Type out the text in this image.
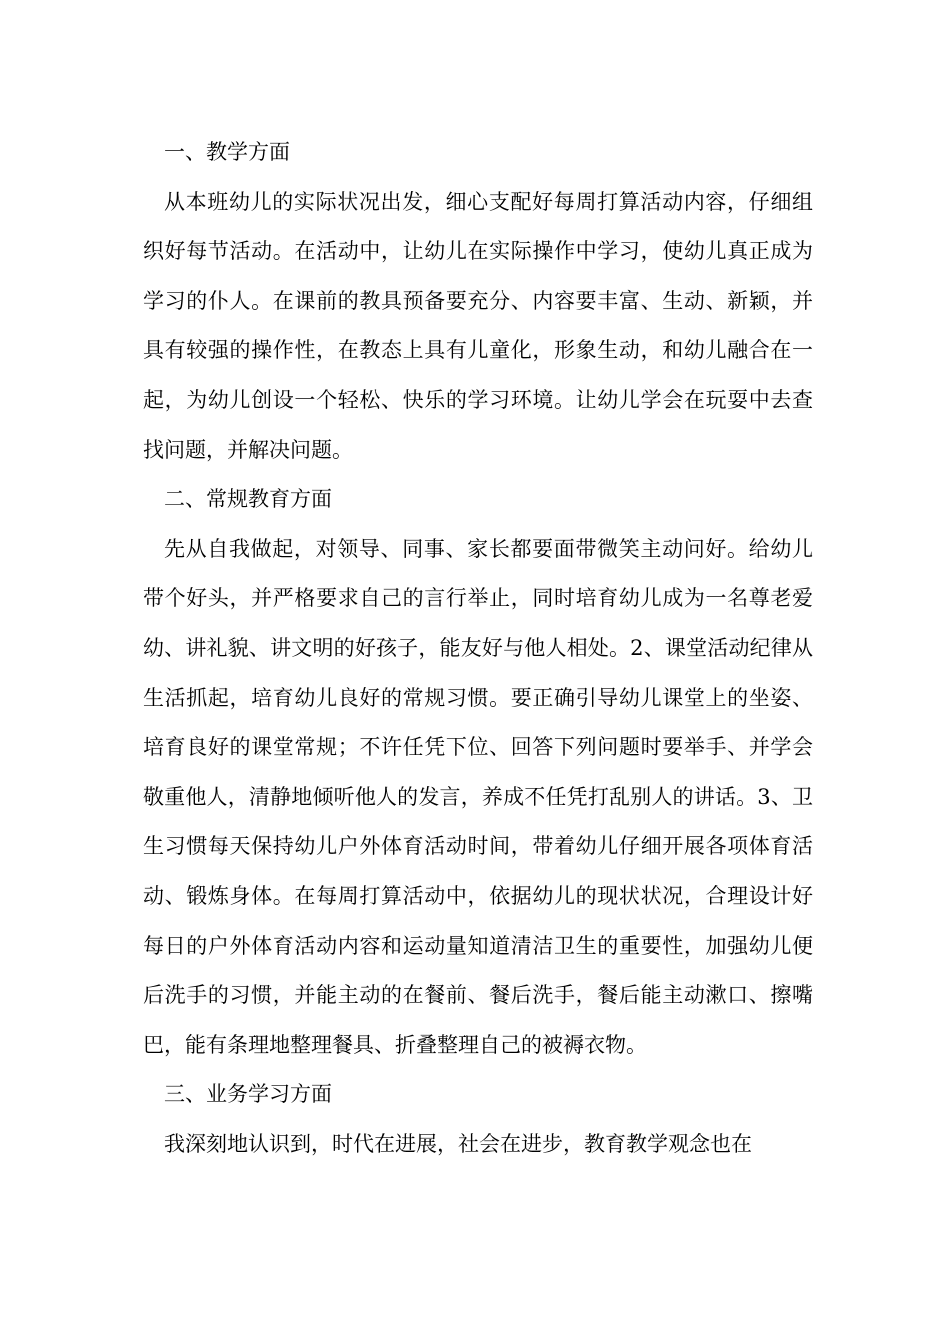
一、教学方面

从本班幼儿的实际状况出发，细心支配好每周打算活动内容，仔细组织好每节活动。在活动中，让幼儿在实际操作中学习，使幼儿真正成为学习的仆人。在课前的教具预备要充分、内容要丰富、生动、新颖，并具有较强的操作性，在教态上具有儿童化，形象生动，和幼儿融合在一起，为幼儿创设一个轻松、快乐的学习环境。让幼儿学会在玩耍中去查找问题，并解决问题。

二、常规教育方面

先从自我做起，对领导、同事、家长都要面带微笑主动问好。给幼儿带个好头，并严格要求自己的言行举止，同时培育幼儿成为一名尊老爱幼、讲礼貌、讲文明的好孩子，能友好与他人相处。2、课堂活动纪律从生活抓起，培育幼儿良好的常规习惯。要正确引导幼儿课堂上的坐姿、培育良好的课堂常规；不许任凭下位、回答下列问题时要举手、并学会敬重他人，清静地倾听他人的发言，养成不任凭打乱别人的讲话。3、卫生习惯每天保持幼儿户外体育活动时间，带着幼儿仔细开展各项体育活动、锻炼身体。在每周打算活动中，依据幼儿的现状状况，合理设计好每日的户外体育活动内容和运动量知道清洁卫生的重要性，加强幼儿便后洗手的习惯，并能主动的在餐前、餐后洗手，餐后能主动漱口、擦嘴巴，能有条理地整理餐具、折叠整理自己的被褥衣物。

三、业务学习方面

我深刻地认识到，时代在进展，社会在进步，教育教学观念也在
